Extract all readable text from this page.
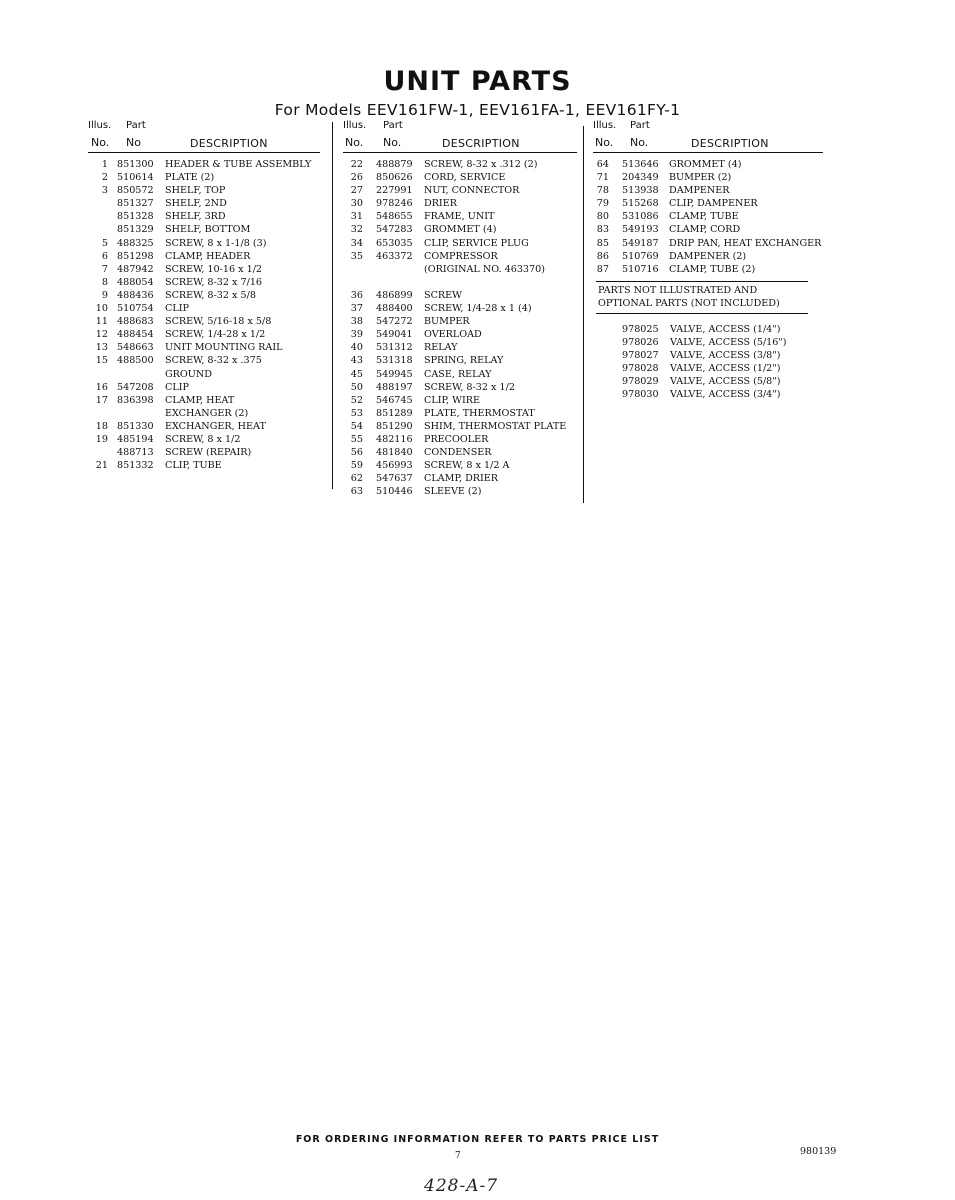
UNIT PARTS
For Models EEV161FW-1, EEV161FA-1, EEV161FY-1
Illus. Part
No. No	DESCRIPTION
1 851300 HEADER & TUBE ASSEMBLY
2 510614 PLATE (2)
3 850572 SHELF, TOP
851327 SHELF, 2ND
851328 SHELF, 3RD
851329 SHELF, BOTTOM
5 488325 SCREW, 8 x 1-1/8 (3)
6 851298 CLAMP, HEADER
7 487942 SCREW, 10-16 x 1/2
8 488054 SCREW, 8-32 x 7/16
9 488436 SCREW, 8-32 x 5/8
10 510754 CLIP
11 488683 SCREW, 5/16-18 x 5/8
12 488454 SCREW, 1/4-28 x 1/2
13 548663 UNIT MOUNTING RAIL
15 488500 SCREW, 8-32 x .375
GROUND
16 547208 CLIP
17 836398 CLAMP, HEAT
EXCHANGER (2)
18 851330 EXCHANGER, HEAT
19 485194 SCREW, 8 x 1/2
488713 SCREW (REPAIR)
21 851332 CLIP, TUBE
Illus. Part
No. No.	DESCRIPTION
22 488879 SCREW, 8-32 x .312 (2)
26 850626 CORD, SERVICE
27 227991 NUT, CONNECTOR
30 978246 DRIER
31 548655 FRAME, UNIT
32 547283 GROMMET (4)
34 653035 CLIP, SERVICE PLUG
35 463372 COMPRESSOR
(ORIGINAL NO. 463370)
36 486899 SCREW
37 488400 SCREW, 1/4-28 x 1 (4)
38 547272 BUMPER
39 549041 OVERLOAD
40 531312 RELAY
43 531318 SPRING, RELAY
45 549945 CASE, RELAY
50 488197 SCREW, 8-32 x 1/2
52 546745 CLIP, WIRE
53 851289 PLATE, THERMOSTAT
54 851290 SHIM, THERMOSTAT PLATE
55 482116 PRECOOLER
56 481840 CONDENSER
59 456993 SCREW, 8 x 1/2 A
62 547637 CLAMP, DRIER
63 510446 SLEEVE (2)
Illus. Part
No. No.	DESCRIPTION
64 513646 GROMMET (4)
71 204349 BUMPER (2)
78 513938 DAMPENER
79 515268 CLIP, DAMPENER
80 531086 CLAMP, TUBE
83 549193 CLAMP, CORD
85 549187 DRIP PAN, HEAT EXCHANGER
86 510769 DAMPENER (2)
87 510716 CLAMP, TUBE (2)
PARTS NOT ILLUSTRATED AND
OPTIONAL PARTS (NOT INCLUDED)
978025 VALVE, ACCESS (1/4")
978026 VALVE, ACCESS (5/16")
978027 VALVE, ACCESS (3/8")
978028 VALVE, ACCESS (1/2")
978029 VALVE, ACCESS (5/8")
978030 VALVE, ACCESS (3/4")
FOR ORDERING INFORMATION REFER TO PARTS PRICE LIST
7	980139
428-A-7
